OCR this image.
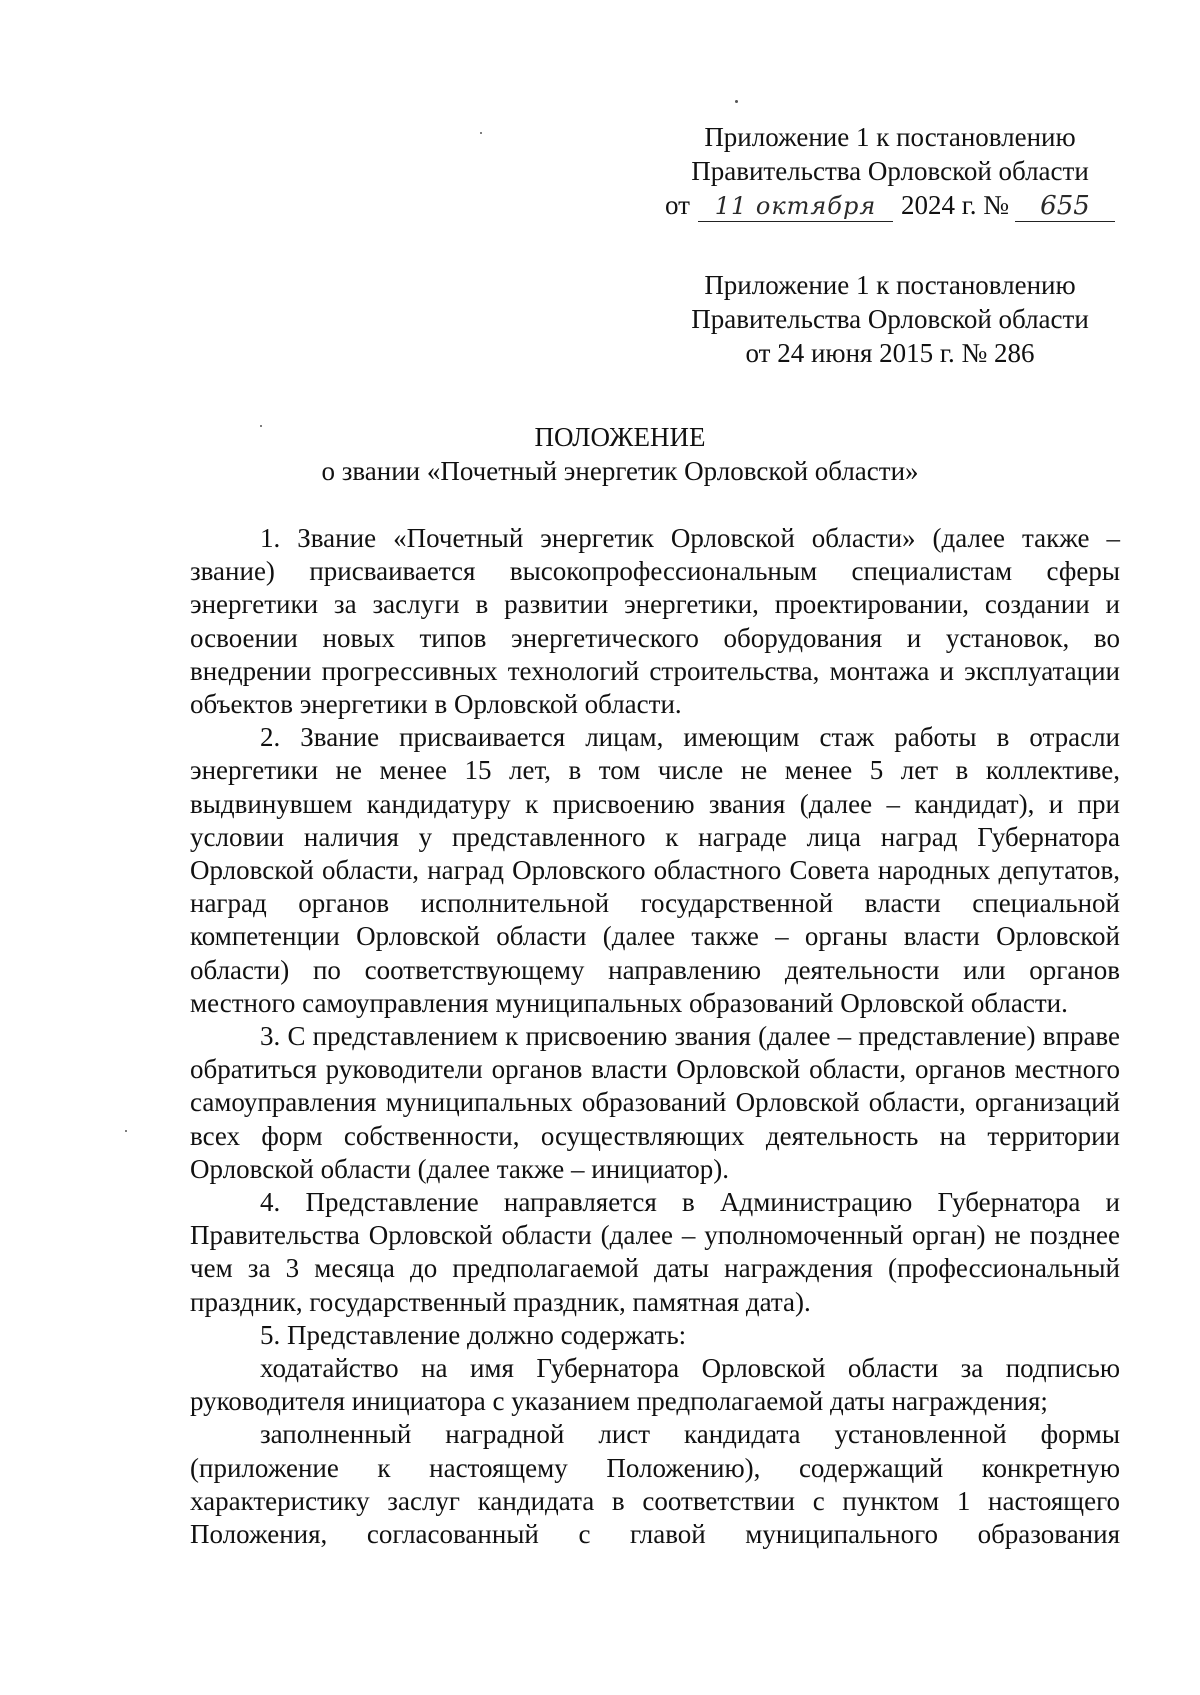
Приложение 1 к постановлению
Правительства Орловской области
от	11 октября 2024 г. №	655
Приложение 1 к постановлению
Правительства Орловской области
от 24 июня 2015 г. № 286
ПОЛОЖЕНИЕ
о звании «Почетный энергетик Орловской области»

1. Звание «Почетный энергетик Орловской области» (далее также – звание) присваивается высокопрофессиональным специалистам сферы энергетики за заслуги в развитии энергетики, проектировании, создании и освоении новых типов энергетического оборудования и установок, во внедрении прогрессивных технологий строительства, монтажа и эксплуатации объектов энергетики в Орловской области.

2. Звание присваивается лицам, имеющим стаж работы в отрасли энергетики не менее 15 лет, в том числе не менее 5 лет в коллективе, выдвинувшем кандидатуру к присвоению звания (далее – кандидат), и при условии наличия у представленного к награде лица наград Губернатора Орловской области, наград Орловского областного Совета народных депутатов, наград органов исполнительной государственной власти специальной компетенции Орловской области (далее также – органы власти Орловской области) по соответствующему направлению деятельности или органов местного самоуправления муниципальных образований Орловской области.

3. С представлением к присвоению звания (далее – представление) вправе обратиться руководители органов власти Орловской области, органов местного самоуправления муниципальных образований Орловской области, организаций всех форм собственности, осуществляющих деятельность на территории Орловской области (далее также – инициатор).

4. Представление направляется в Администрацию Губернатора и Правительства Орловской области (далее – уполномоченный орган) не позднее чем за 3 месяца до предполагаемой даты награждения (профессиональный праздник, государственный праздник, памятная дата).

5. Представление должно содержать:

ходатайство на имя Губернатора Орловской области за подписью руководителя инициатора с указанием предполагаемой даты награждения;

заполненный наградной лист кандидата установленной формы (приложение к настоящему Положению), содержащий конкретную характеристику заслуг кандидата в соответствии с пунктом 1 настоящего Положения, согласованный с главой муниципального образования
